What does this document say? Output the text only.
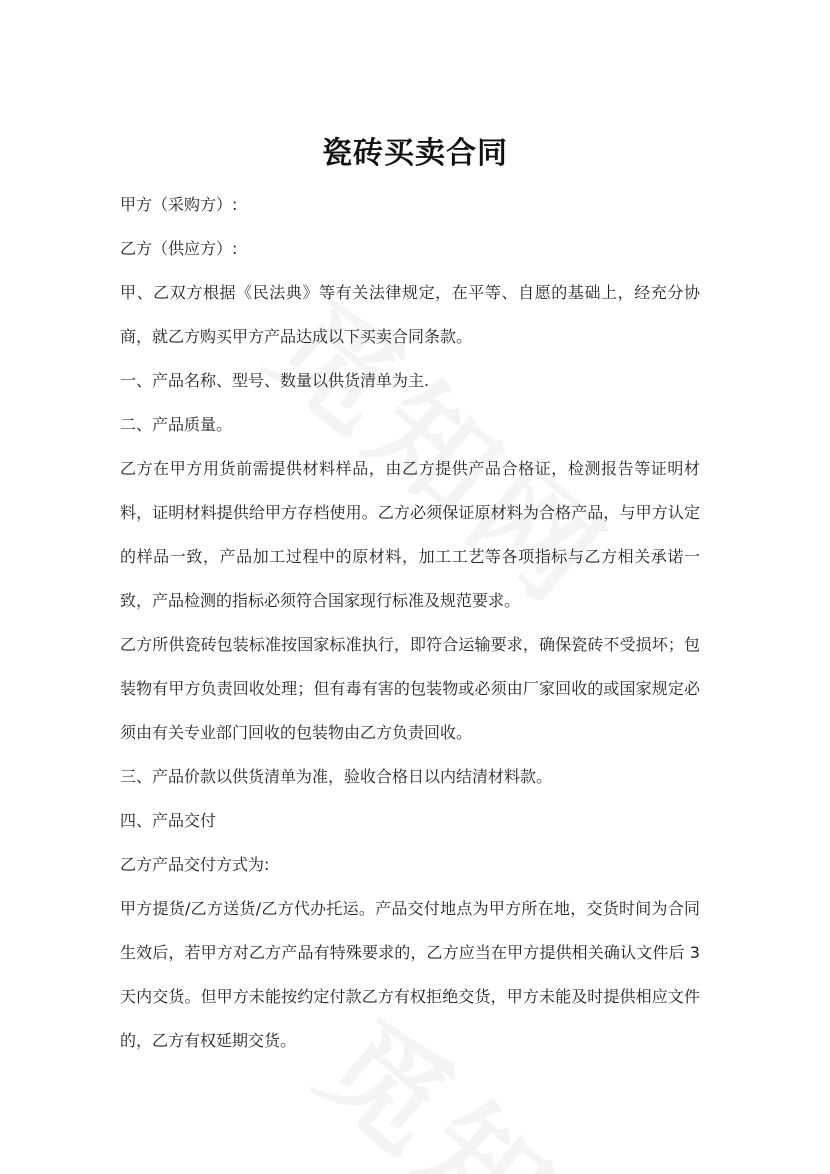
瓷砖买卖合同

甲方（采购方）:

乙方（供应方）:

甲、乙双方根据《民法典》等有关法律规定，在平等、自愿的基础上，经充分协商，就乙方购买甲方产品达成以下买卖合同条款。

一、产品名称、型号、数量以供货清单为主.

二、产品质量。

乙方在甲方用货前需提供材料样品，由乙方提供产品合格证，检测报告等证明材料，证明材料提供给甲方存档使用。乙方必须保证原材料为合格产品，与甲方认定的样品一致，产品加工过程中的原材料，加工工艺等各项指标与乙方相关承诺一致，产品检测的指标必须符合国家现行标准及规范要求。

乙方所供瓷砖包装标准按国家标准执行，即符合运输要求，确保瓷砖不受损坏；包装物有甲方负责回收处理；但有毒有害的包装物或必须由厂家回收的或国家规定必须由有关专业部门回收的包装物由乙方负责回收。

三、产品价款以供货清单为准，验收合格日以内结清材料款。

四、产品交付

乙方产品交付方式为:

甲方提货/乙方送货/乙方代办托运。产品交付地点为甲方所在地，交货时间为合同生效后，若甲方对乙方产品有特殊要求的，乙方应当在甲方提供相关确认文件后 3 天内交货。但甲方未能按约定付款乙方有权拒绝交货，甲方未能及时提供相应文件的，乙方有权延期交货。
